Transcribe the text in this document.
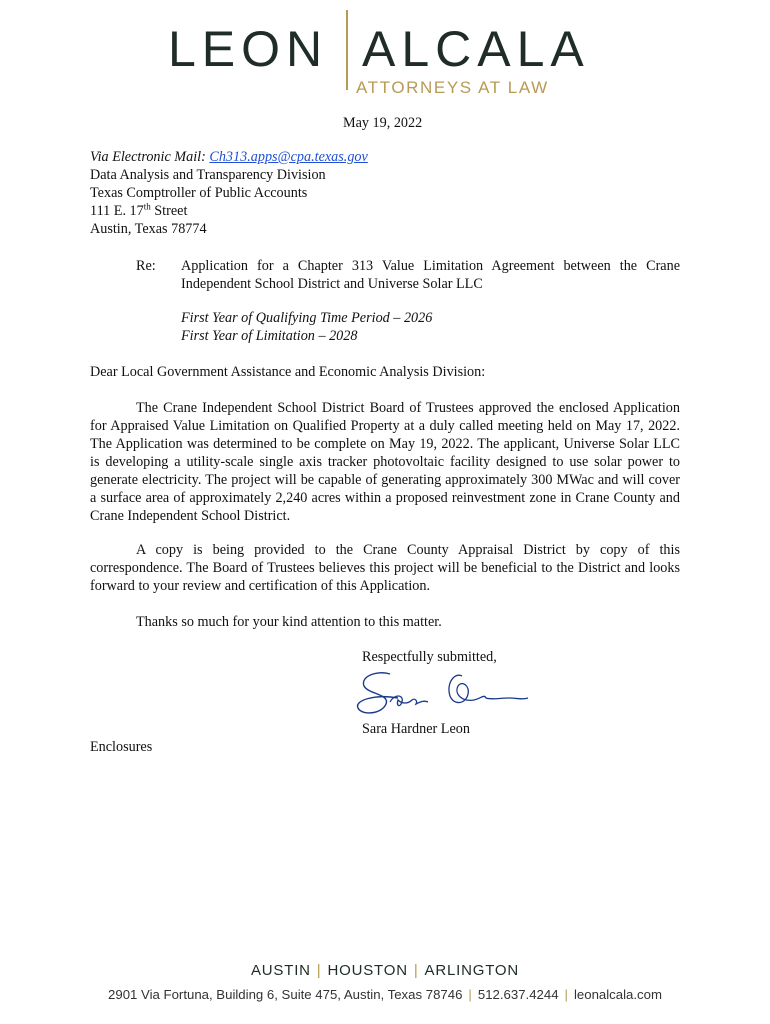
LEON ALCALA
ATTORNEYS AT LAW
May 19, 2022
Via Electronic Mail: Ch313.apps@cpa.texas.gov
Data Analysis and Transparency Division
Texas Comptroller of Public Accounts
111 E. 17th Street
Austin, Texas 78774
Re: Application for a Chapter 313 Value Limitation Agreement between the Crane Independent School District and Universe Solar LLC
First Year of Qualifying Time Period – 2026
First Year of Limitation – 2028
Dear Local Government Assistance and Economic Analysis Division:
The Crane Independent School District Board of Trustees approved the enclosed Application for Appraised Value Limitation on Qualified Property at a duly called meeting held on May 17, 2022. The Application was determined to be complete on May 19, 2022. The applicant, Universe Solar LLC is developing a utility-scale single axis tracker photovoltaic facility designed to use solar power to generate electricity. The project will be capable of generating approximately 300 MWac and will cover a surface area of approximately 2,240 acres within a proposed reinvestment zone in Crane County and Crane Independent School District.
A copy is being provided to the Crane County Appraisal District by copy of this correspondence. The Board of Trustees believes this project will be beneficial to the District and looks forward to your review and certification of this Application.
Thanks so much for your kind attention to this matter.
Respectfully submitted,
Sara Hardner Leon
Enclosures
AUSTIN | HOUSTON | ARLINGTON
2901 Via Fortuna, Building 6, Suite 475, Austin, Texas 78746 | 512.637.4244 | leonalcala.com
